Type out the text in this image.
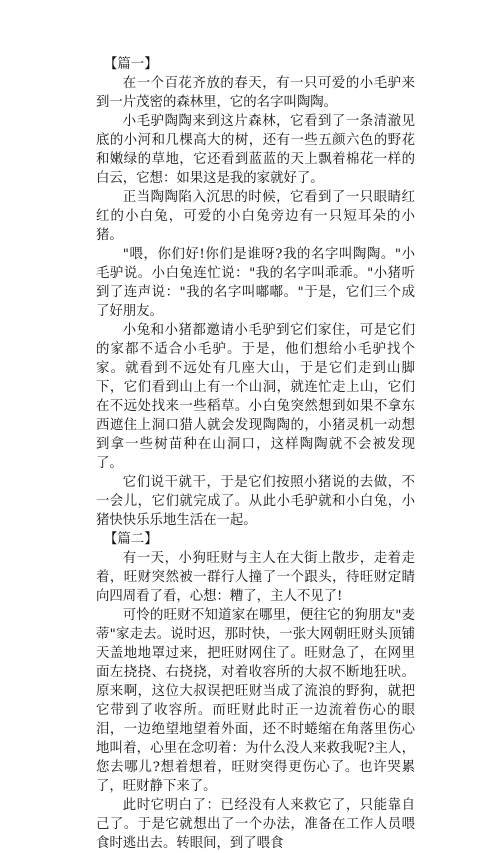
【篇一】

在一个百花齐放的春天，有一只可爱的小毛驴来到一片茂密的森林里，它的名字叫陶陶。

小毛驴陶陶来到这片森林，它看到了一条清澈见底的小河和几棵高大的树，还有一些五颜六色的野花和嫩绿的草地，它还看到蓝蓝的天上飘着棉花一样的白云，它想：如果这是我的家就好了。

正当陶陶陷入沉思的时候，它看到了一只眼睛红红的小白兔，可爱的小白兔旁边有一只短耳朵的小猪。

"喂，你们好!你们是谁呀?我的名字叫陶陶。"小毛驴说。小白兔连忙说："我的名字叫乖乖。"小猪听到了连声说："我的名字叫嘟嘟。"于是，它们三个成了好朋友。

小兔和小猪都邀请小毛驴到它们家住，可是它们的家都不适合小毛驴。于是，他们想给小毛驴找个家。就看到不远处有几座大山，于是它们走到山脚下，它们看到山上有一个山洞，就连忙走上山，它们在不远处找来一些稻草。小白兔突然想到如果不拿东西遮住上洞口猎人就会发现陶陶的，小猪灵机一动想到拿一些树苗种在山洞口，这样陶陶就不会被发现了。

它们说干就干，于是它们按照小猪说的去做，不一会儿，它们就完成了。从此小毛驴就和小白兔，小猪快快乐乐地生活在一起。

【篇二】

有一天，小狗旺财与主人在大街上散步，走着走着，旺财突然被一群行人撞了一个跟头，待旺财定睛向四周看了看，心想：糟了，主人不见了!

可怜的旺财不知道家在哪里，便往它的狗朋友"麦蒂"家走去。说时迟，那时快，一张大网朝旺财头顶铺天盖地地罩过来，把旺财网住了。旺财急了，在网里面左挠挠、右挠挠，对着收容所的大叔不断地狂吠。原来啊，这位大叔误把旺财当成了流浪的野狗，就把它带到了收容所。而旺财此时正一边流着伤心的眼泪，一边绝望地望着外面，还不时蜷缩在角落里伤心地叫着，心里在念叨着：为什么没人来救我呢?主人，您去哪儿?想着想着，旺财突得更伤心了。也许哭累了，旺财静下来了。

此时它明白了：已经没有人来救它了，只能靠自己了。于是它就想出了一个办法，准备在工作人员喂食时逃出去。转眼间，到了喂食
